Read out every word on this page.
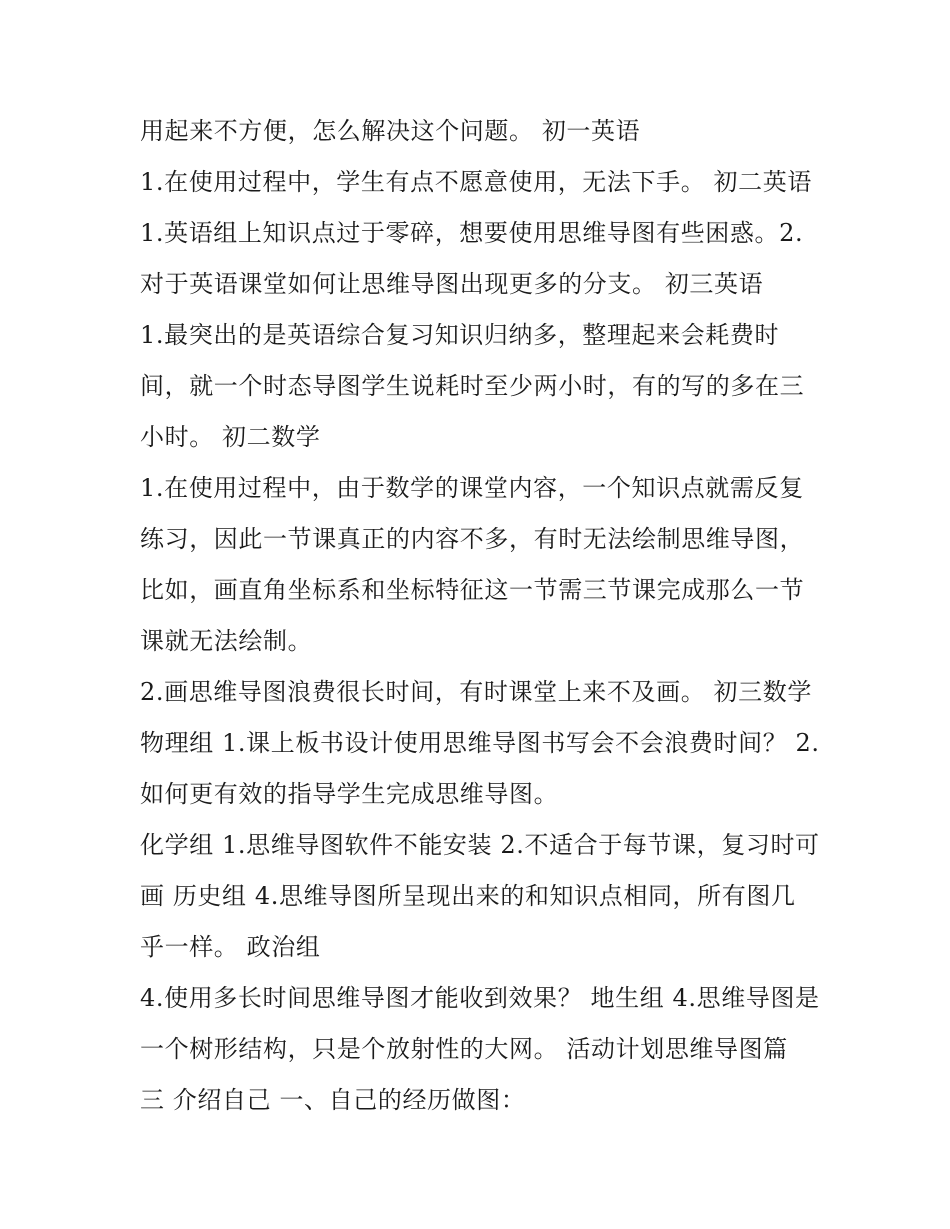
用起来不方便，怎么解决这个问题。 初一英语
1.在使用过程中，学生有点不愿意使用，无法下手。 初二英语
1.英语组上知识点过于零碎，想要使用思维导图有些困惑。2.
对于英语课堂如何让思维导图出现更多的分支。 初三英语
1.最突出的是英语综合复习知识归纳多，整理起来会耗费时
间，就一个时态导图学生说耗时至少两小时，有的写的多在三
小时。 初二数学
1.在使用过程中，由于数学的课堂内容，一个知识点就需反复
练习，因此一节课真正的内容不多，有时无法绘制思维导图，
比如，画直角坐标系和坐标特征这一节需三节课完成那么一节
课就无法绘制。
2.画思维导图浪费很长时间，有时课堂上来不及画。 初三数学
物理组 1.课上板书设计使用思维导图书写会不会浪费时间？ 2.
如何更有效的指导学生完成思维导图。
化学组 1.思维导图软件不能安装 2.不适合于每节课，复习时可
画 历史组 4.思维导图所呈现出来的和知识点相同，所有图几
乎一样。 政治组
4.使用多长时间思维导图才能收到效果？ 地生组 4.思维导图是
一个树形结构，只是个放射性的大网。 活动计划思维导图篇
三 介绍自己 一、自己的经历做图：
